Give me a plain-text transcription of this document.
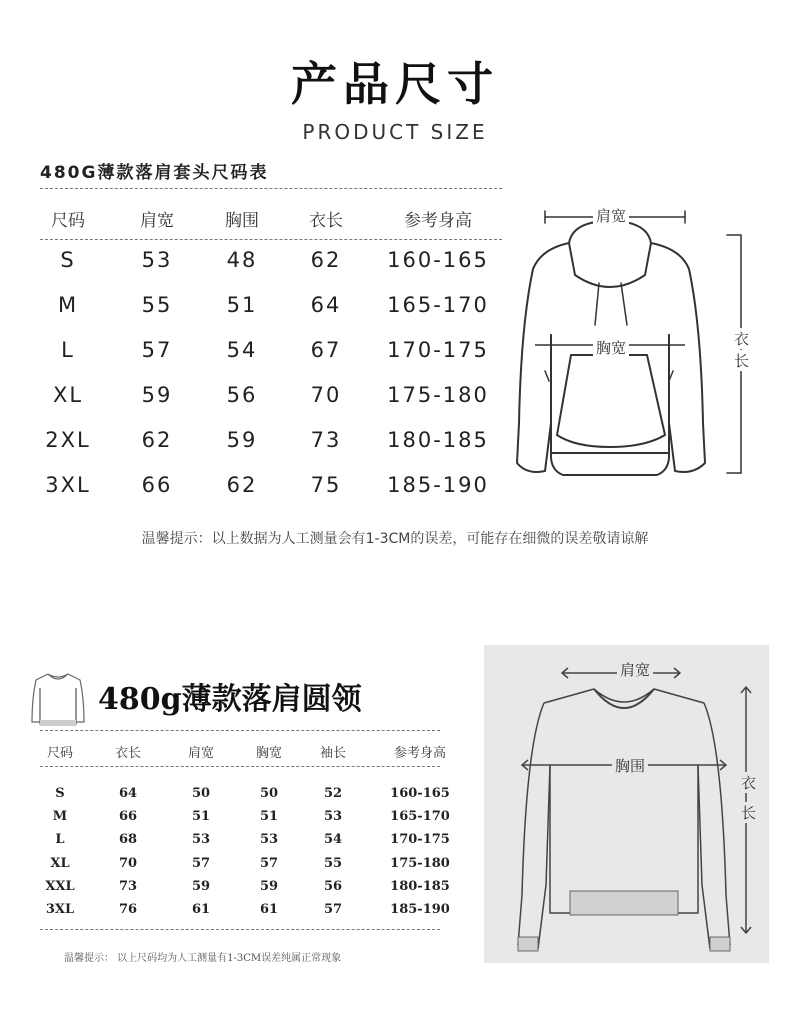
产品尺寸
PRODUCT SIZE
480G薄款落肩套头尺码表
尺码	肩宽	胸围	衣长	参考身高
S	53	48	62 160-165
M	55	51	64 165-170
L	57	54	67 170-175
XL	59	56	70 175-180
2XL 62	59	73 180-185
3XL 66	62	75 185-190
温馨提示：以上数据为人工测量会有1-3CM的误差，可能存在细微的误差敬请谅解
肩宽
胸宽	衣
长
480g薄款落肩圆领
尺码	衣长	肩宽	胸宽	袖长	参考身高
S	64	50	50	52	160-165
M	66	51	51	53	165-170
L	68	53	53	54	170-175
XL	70	57	57	55	175-180
XXL	73	59	59	56	180-185
3XL	76	61	61	57	185-190
温馨提示： 以上尺码均为人工测量有1-3CM误差纯属正常现象
肩宽
胸围
衣
长
